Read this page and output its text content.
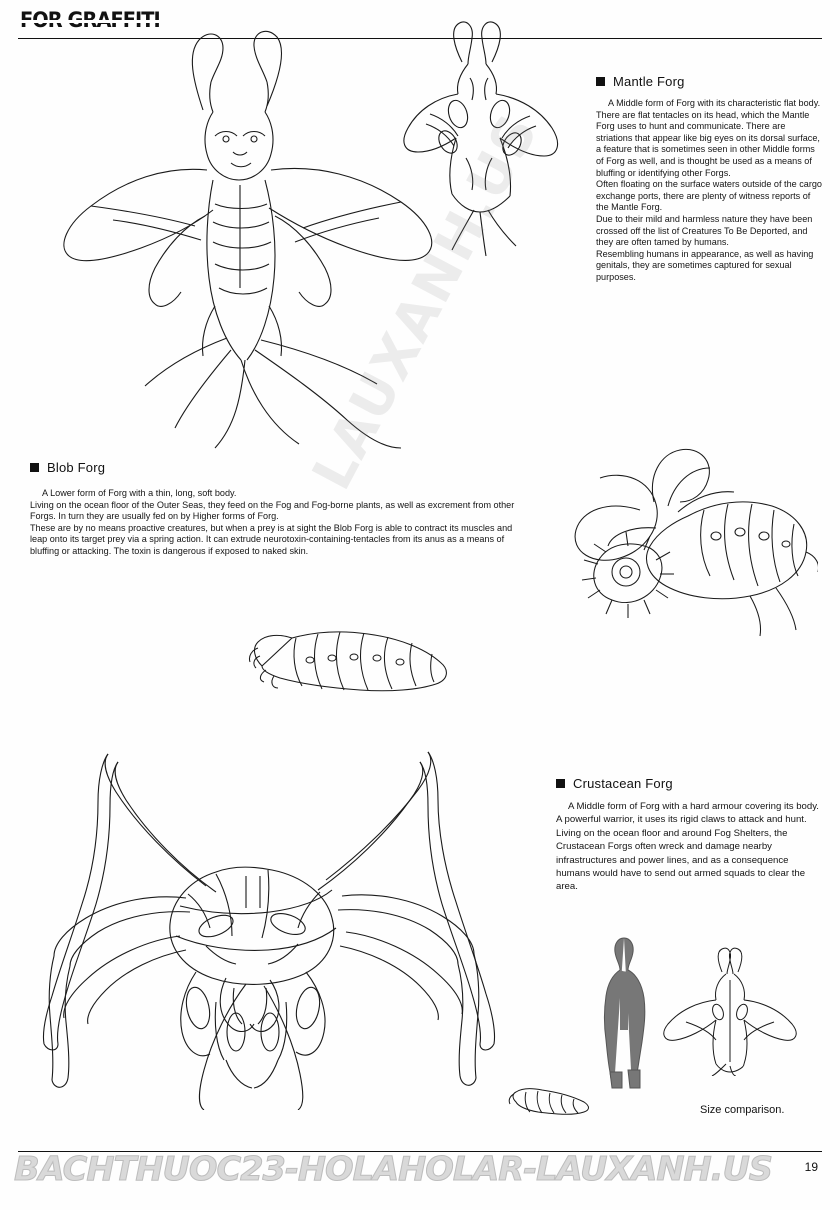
Mantle Forg

A Middle form of Forg with its characteristic flat body. There are flat tentacles on its head, which the Mantle Forg uses to hunt and communicate. There are striations that appear like big eyes on its dorsal surface, a feature that is sometimes seen in other Middle forms of Forg as well, and is thought be used as a means of bluffing or identifying other Forgs.

Often floating on the surface waters outside of the cargo exchange ports, there are plenty of witness reports of the Mantle Forg.

Due to their mild and harmless nature they have been crossed off the list of Creatures To Be Deported, and they are often tamed by humans.

Resembling humans in appearance, as well as having genitals, they are sometimes captured for sexual purposes.

Blob Forg

A Lower form of Forg with a thin, long, soft body.

Living on the ocean floor of the Outer Seas, they feed on the Fog and Fog-borne plants, as well as excrement from other Forgs. In turn they are usually fed on by Higher forms of Forg.

These are by no means proactive creatures, but when a prey is at sight the Blob Forg is able to contract its muscles and leap onto its target prey via a spring action. It can extrude neurotoxin-containing-tentacles from its anus as a means of bluffing or attacking. The toxin is dangerous if exposed to naked skin.

Crustacean Forg

A Middle form of Forg with a hard armour covering its body. A powerful warrior, it uses its rigid claws to attack and hunt. Living on the ocean floor and around Fog Shelters, the Crustacean Forgs often wreck and damage nearby infrastructures and power lines, and as a consequence humans would have to send out armed squads to clear the area.

Size comparison.
LAUXANH.US
BACHTHUOC23-HOLAHOLAR-LAUXANH.US	19
